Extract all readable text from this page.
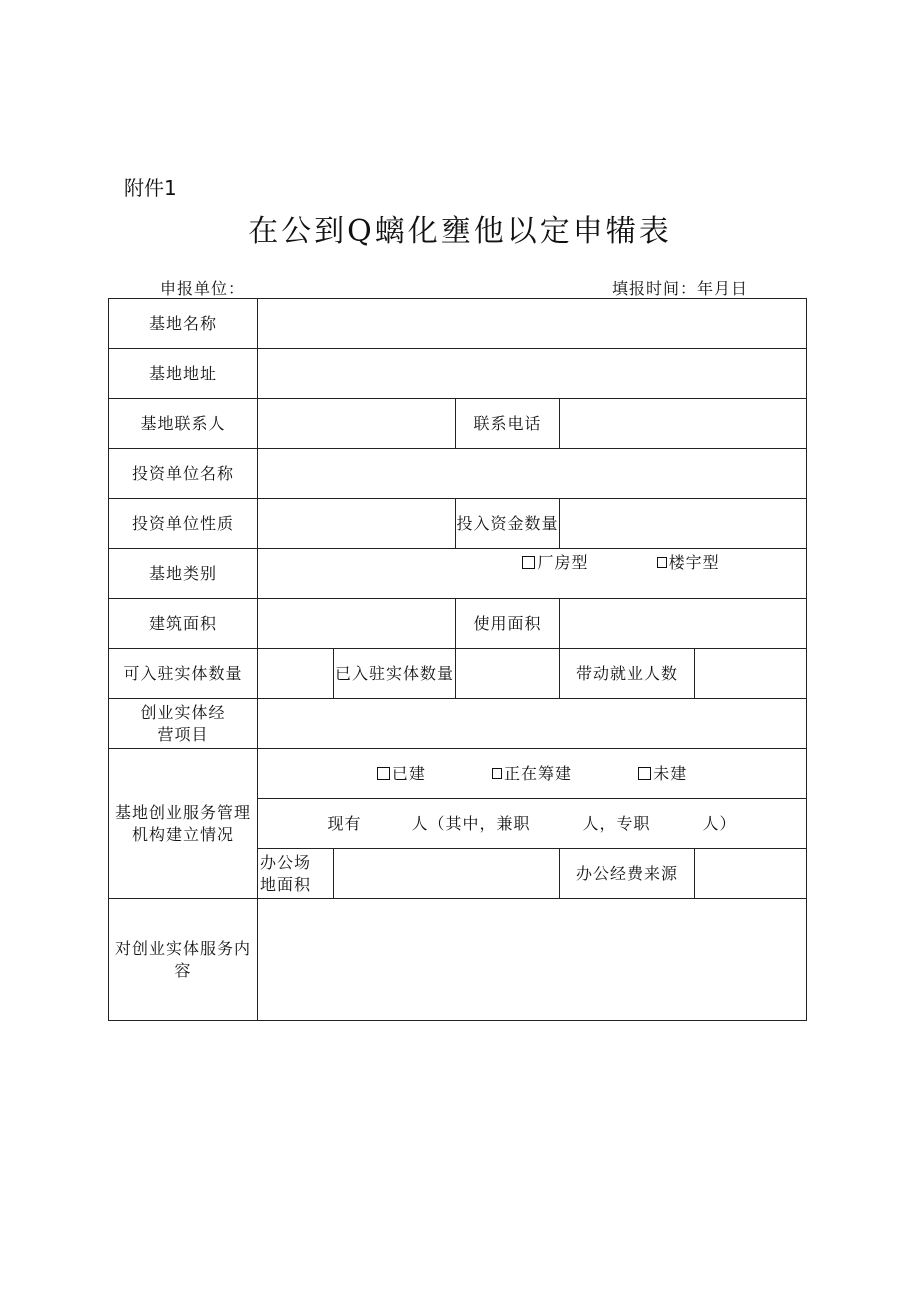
附件1
在公到Q螭化壅他以定申犕表
申报单位：	填报时间：年月日
基地名称					
基地地址					
基地联系人			联系电话		
投资单位名称					
投资单位性质			投入资金数量		
基地类别	厂房型 楼宇型				
建筑面积			使用面积		
可入驻实体数量		已入驻实体数量		带动就业人数	
创业实体经营项目					
基地创业服务管理机构建立情况	已建 正在筹建 未建				
	现有 人（其中，兼职 人，专职 人）				
	办公场地面积			办公经费来源	
对创业实体服务内容					
